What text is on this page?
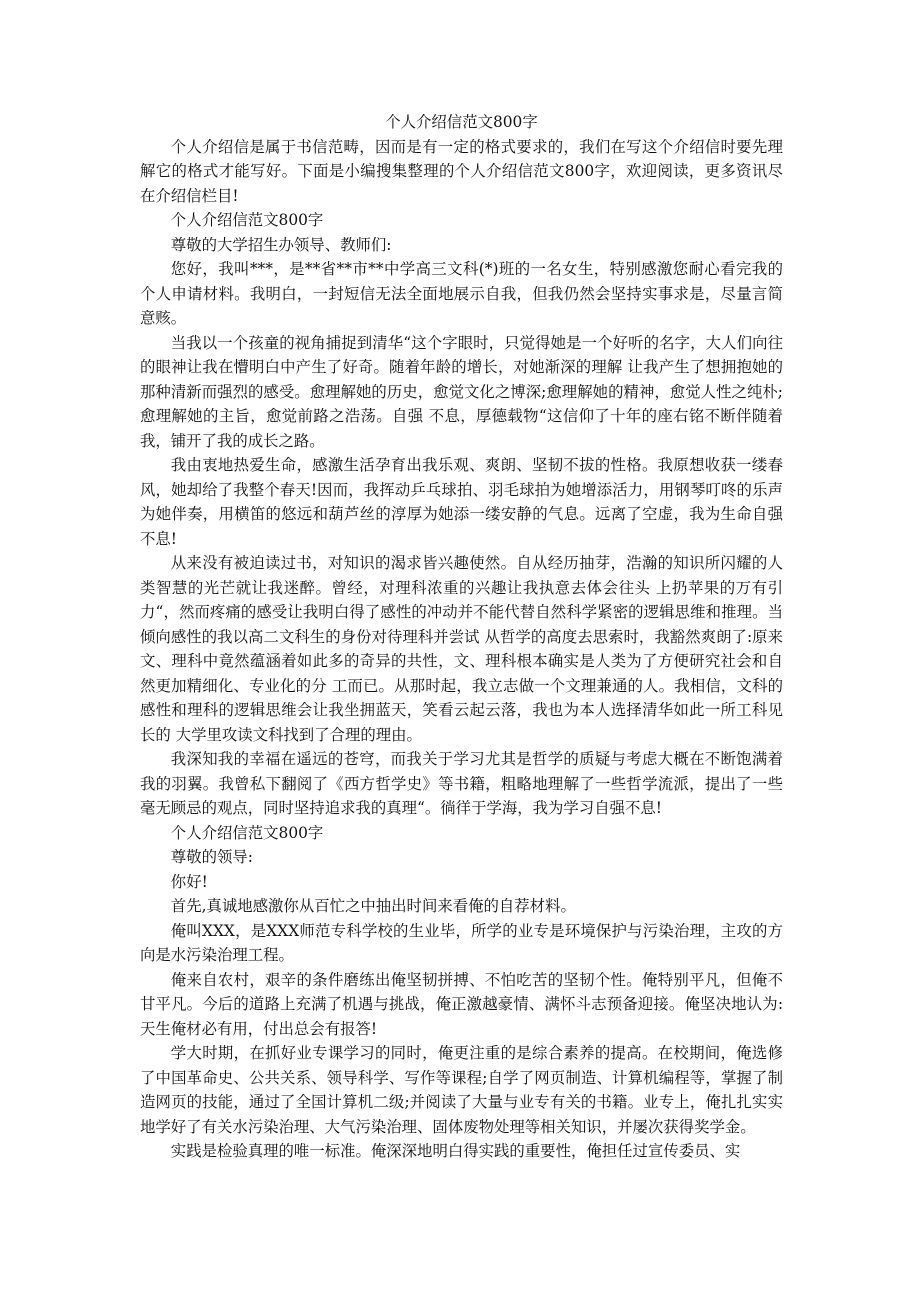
个人介绍信范文800字

个人介绍信是属于书信范畴，因而是有一定的格式要求的，我们在写这个介绍信时要先理解它的格式才能写好。下面是小编搜集整理的个人介绍信范文800字，欢迎阅读，更多资讯尽在介绍信栏目!

个人介绍信范文800字

尊敬的大学招生办领导、教师们:

您好，我叫***，是**省**市**中学高三文科(*)班的一名女生，特别感激您耐心看完我的个人申请材料。我明白，一封短信无法全面地展示自我，但我仍然会坚持实事求是，尽量言简意赅。

当我以一个孩童的视角捕捉到清华“这个字眼时，只觉得她是一个好听的名字，大人们向往的眼神让我在懵明白中产生了好奇。随着年龄的增长，对她渐深的理解 让我产生了想拥抱她的那种清新而强烈的感受。愈理解她的历史，愈觉文化之博深;愈理解她的精神，愈觉人性之纯朴;愈理解她的主旨，愈觉前路之浩荡。自强 不息，厚德载物“这信仰了十年的座右铭不断伴随着我，铺开了我的成长之路。

我由衷地热爱生命，感激生活孕育出我乐观、爽朗、坚韧不拔的性格。我原想收获一缕春风，她却给了我整个春天!因而，我挥动乒乓球拍、羽毛球拍为她增添活力，用钢琴叮咚的乐声为她伴奏，用横笛的悠远和葫芦丝的淳厚为她添一缕安静的气息。远离了空虚，我为生命自强不息!

从来没有被迫读过书，对知识的渴求皆兴趣使然。自从经历抽芽，浩瀚的知识所闪耀的人类智慧的光芒就让我迷醉。曾经，对理科浓重的兴趣让我执意去体会往头 上扔苹果的万有引力“，然而疼痛的感受让我明白得了感性的冲动并不能代替自然科学紧密的逻辑思维和推理。当倾向感性的我以高二文科生的身份对待理科并尝试 从哲学的高度去思索时，我豁然爽朗了:原来文、理科中竟然蕴涵着如此多的奇异的共性，文、理科根本确实是人类为了方便研究社会和自然更加精细化、专业化的分 工而已。从那时起，我立志做一个文理兼通的人。我相信，文科的感性和理科的逻辑思维会让我坐拥蓝天，笑看云起云落，我也为本人选择清华如此一所工科见长的 大学里攻读文科找到了合理的理由。

我深知我的幸福在遥远的苍穹，而我关于学习尤其是哲学的质疑与考虑大概在不断饱满着我的羽翼。我曾私下翻阅了《西方哲学史》等书籍，粗略地理解了一些哲学流派，提出了一些毫无顾忌的观点，同时坚持追求我的真理“。徜徉于学海，我为学习自强不息!

个人介绍信范文800字

尊敬的领导:

你好!

首先,真诚地感激你从百忙之中抽出时间来看俺的自荐材料。

俺叫XXX，是XXX师范专科学校的生业毕，所学的业专是环境保护与污染治理，主攻的方向是水污染治理工程。

俺来自农村，艰辛的条件磨练出俺坚韧拼搏、不怕吃苦的坚韧个性。俺特别平凡，但俺不甘平凡。今后的道路上充满了机遇与挑战，俺正激越豪情、满怀斗志预备迎接。俺坚决地认为:天生俺材必有用，付出总会有报答!

学大时期，在抓好业专课学习的同时，俺更注重的是综合素养的提高。在校期间，俺选修了中国革命史、公共关系、领导科学、写作等课程;自学了网页制造、计算机编程等，掌握了制造网页的技能，通过了全国计算机二级;并阅读了大量与业专有关的书籍。业专上，俺扎扎实实地学好了有关水污染治理、大气污染治理、固体废物处理等相关知识，并屡次获得奖学金。

实践是检验真理的唯一标准。俺深深地明白得实践的重要性，俺担任过宣传委员、实
